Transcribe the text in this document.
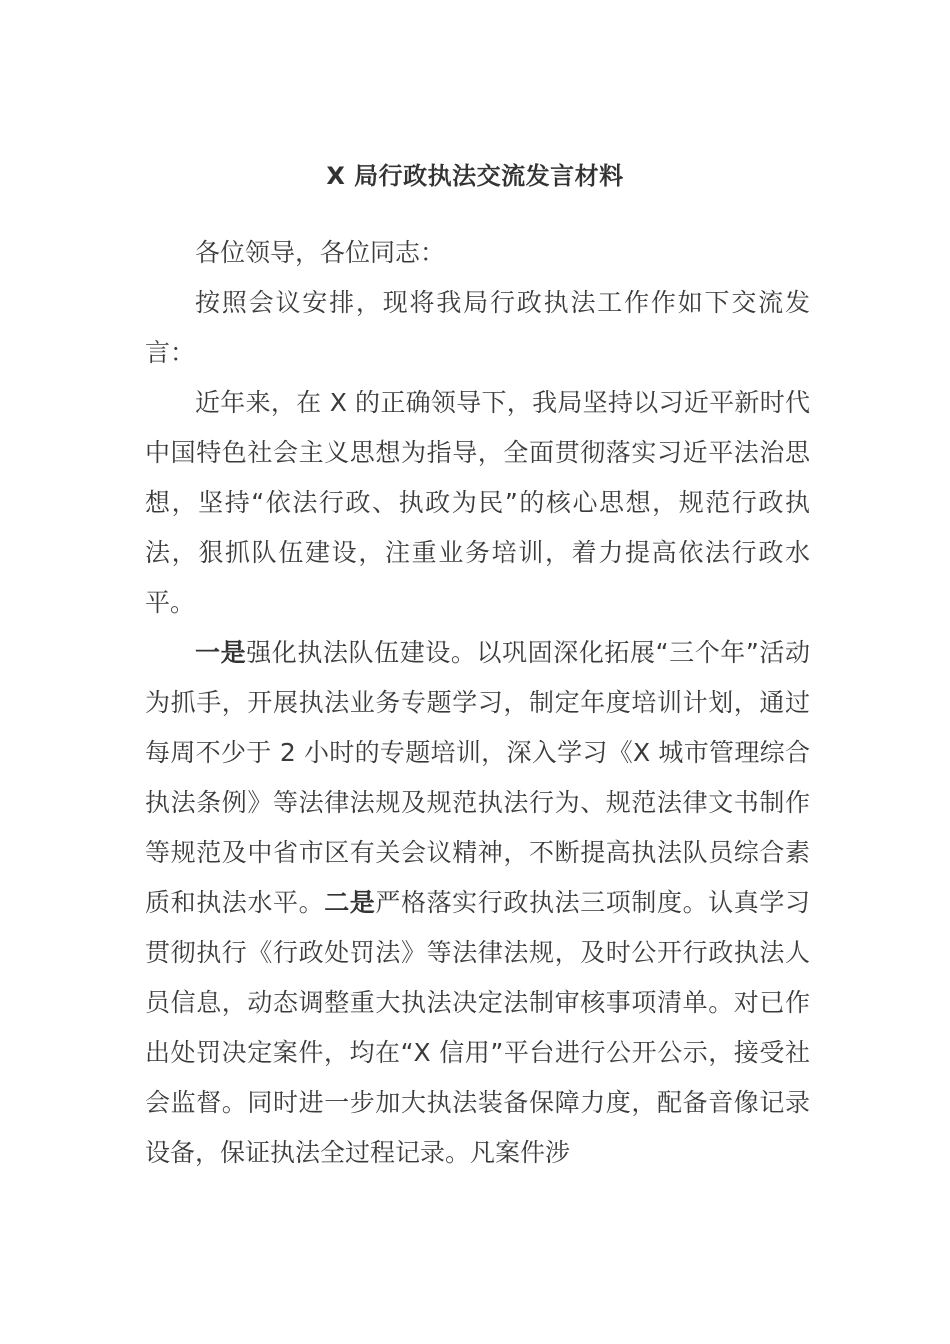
X 局行政执法交流发言材料

各位领导，各位同志：

按照会议安排，现将我局行政执法工作作如下交流发言：

近年来，在 X 的正确领导下，我局坚持以习近平新时代中国特色社会主义思想为指导，全面贯彻落实习近平法治思想，坚持“依法行政、执政为民”的核心思想，规范行政执法，狠抓队伍建设，注重业务培训，着力提高依法行政水平。

一是强化执法队伍建设。以巩固深化拓展“三个年”活动为抓手，开展执法业务专题学习，制定年度培训计划，通过每周不少于 2 小时的专题培训，深入学习《X 城市管理综合执法条例》等法律法规及规范执法行为、规范法律文书制作等规范及中省市区有关会议精神，不断提高执法队员综合素质和执法水平。二是严格落实行政执法三项制度。认真学习贯彻执行《行政处罚法》等法律法规，及时公开行政执法人员信息，动态调整重大执法决定法制审核事项清单。对已作出处罚决定案件，均在“X 信用”平台进行公开公示，接受社会监督。同时进一步加大执法装备保障力度，配备音像记录设备，保证执法全过程记录。凡案件涉
